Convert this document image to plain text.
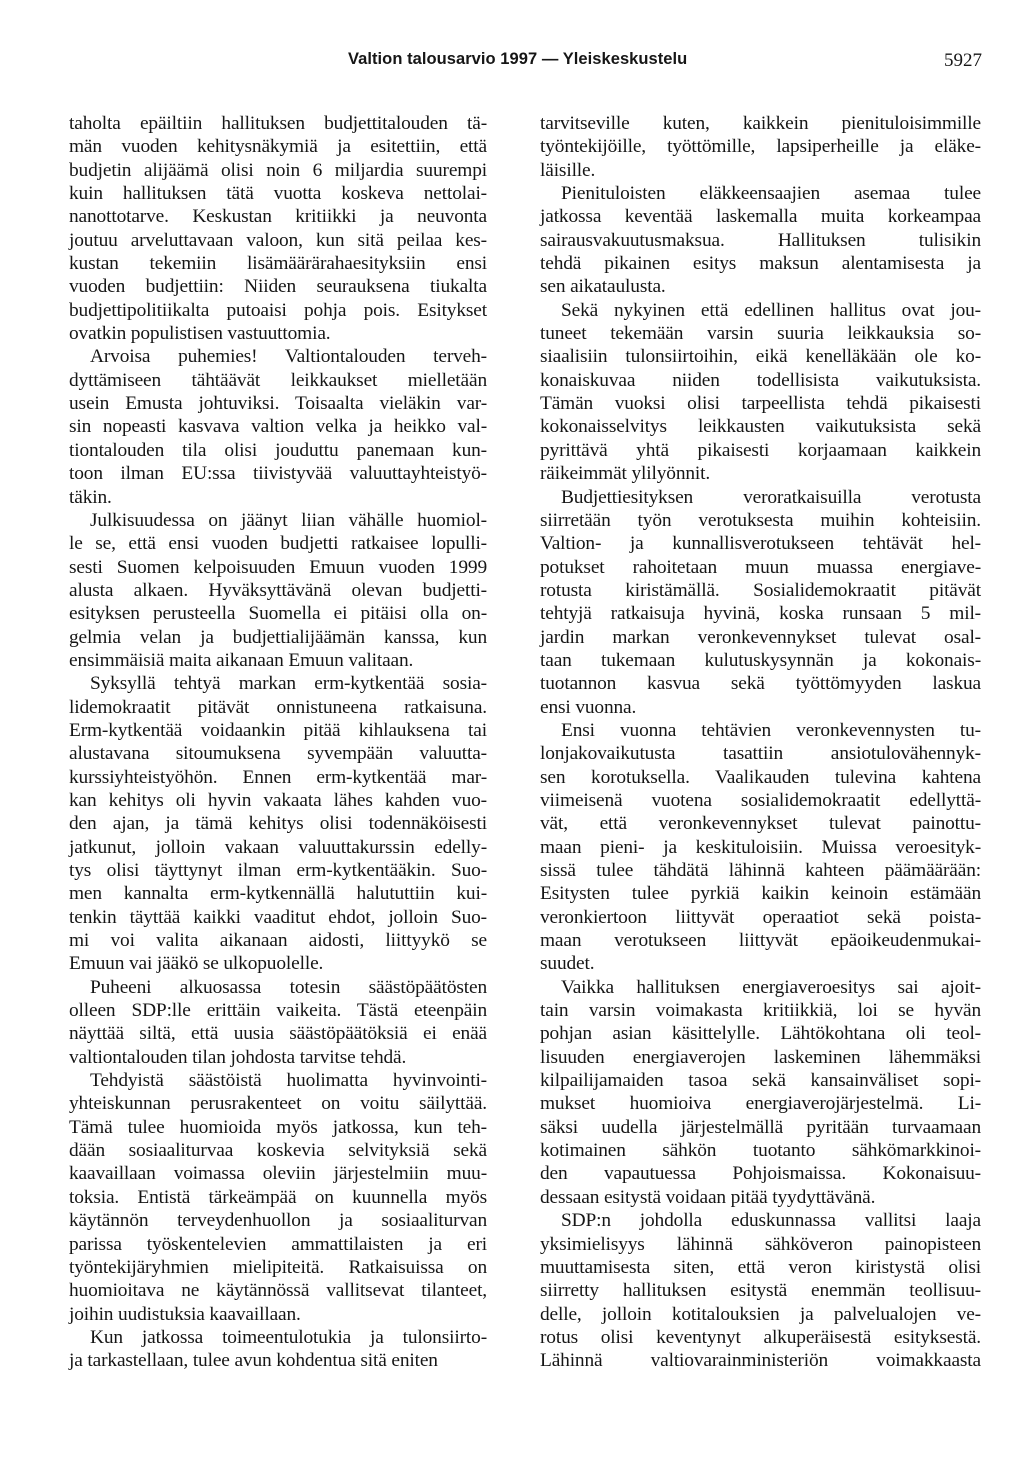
Valtion talousarvio 1997 — Yleiskeskustelu	5927
taholta epäiltiin hallituksen budjettitalouden tä-
män vuoden kehitysnäkymiä ja esitettiin, että
budjetin alijäämä olisi noin 6 miljardia suurempi
kuin hallituksen tätä vuotta koskeva nettolai-
nanottotarve. Keskustan kritiikki ja neuvonta
joutuu arveluttavaan valoon, kun sitä peilaa kes-
kustan tekemiin lisämäärärahaesityksiin ensi
vuoden budjettiin: Niiden seurauksena tiukalta
budjettipolitiikalta putoaisi pohja pois. Esitykset
ovatkin populistisen vastuuttomia.
Arvoisa puhemies! Valtiontalouden terveh-
dyttämiseen tähtäävät leikkaukset mielletään
usein Emusta johtuviksi. Toisaalta vieläkin var-
sin nopeasti kasvava valtion velka ja heikko val-
tiontalouden tila olisi jouduttu panemaan kun-
toon ilman EU:ssa tiivistyvää valuuttayhteistyö-
täkin.
Julkisuudessa on jäänyt liian vähälle huomiol-
le se, että ensi vuoden budjetti ratkaisee lopulli-
sesti Suomen kelpoisuuden Emuun vuoden 1999
alusta alkaen. Hyväksyttävänä olevan budjetti-
esityksen perusteella Suomella ei pitäisi olla on-
gelmia velan ja budjettialijäämän kanssa, kun
ensimmäisiä maita aikanaan Emuun valitaan.
Syksyllä tehtyä markan erm-kytkentää sosia-
lidemokraatit pitävät onnistuneena ratkaisuna.
Erm-kytkentää voidaankin pitää kihlauksena tai
alustavana sitoumuksena syvempään valuutta-
kurssiyhteistyöhön. Ennen erm-kytkentää mar-
kan kehitys oli hyvin vakaata lähes kahden vuo-
den ajan, ja tämä kehitys olisi todennäköisesti
jatkunut, jolloin vakaan valuuttakurssin edelly-
tys olisi täyttynyt ilman erm-kytkentääkin. Suo-
men kannalta erm-kytkennällä halututtiin kui-
tenkin täyttää kaikki vaaditut ehdot, jolloin Suo-
mi voi valita aikanaan aidosti, liittyykö se
Emuun vai jääkö se ulkopuolelle.
Puheeni alkuosassa totesin säästöpäätösten
olleen SDP:lle erittäin vaikeita. Tästä eteenpäin
näyttää siltä, että uusia säästöpäätöksiä ei enää
valtiontalouden tilan johdosta tarvitse tehdä.
Tehdyistä säästöistä huolimatta hyvinvointi-
yhteiskunnan perusrakenteet on voitu säilyttää.
Tämä tulee huomioida myös jatkossa, kun teh-
dään sosiaaliturvaa koskevia selvityksiä sekä
kaavaillaan voimassa oleviin järjestelmiin muu-
toksia. Entistä tärkeämpää on kuunnella myös
käytännön terveydenhuollon ja sosiaaliturvan
parissa työskentelevien ammattilaisten ja eri
työntekijäryhmien mielipiteitä. Ratkaisuissa on
huomioitava ne käytännössä vallitsevat tilanteet,
joihin uudistuksia kaavaillaan.
Kun jatkossa toimeentulotukia ja tulonsiirto-
ja tarkastellaan, tulee avun kohdentua sitä eniten
tarvitseville kuten, kaikkein pienituloisimmille
työntekijöille, työttömille, lapsiperheille ja eläke-
läisille.
Pienituloisten eläkkeensaajien asemaa tulee
jatkossa keventää laskemalla muita korkeampaa
sairausvakuutusmaksua. Hallituksen tulisikin
tehdä pikainen esitys maksun alentamisesta ja
sen aikataulusta.
Sekä nykyinen että edellinen hallitus ovat jou-
tuneet tekemään varsin suuria leikkauksia so-
siaalisiin tulonsiirtoihin, eikä kenelläkään ole ko-
konaiskuvaa niiden todellisista vaikutuksista.
Tämän vuoksi olisi tarpeellista tehdä pikaisesti
kokonaisselvitys leikkausten vaikutuksista sekä
pyrittävä yhtä pikaisesti korjaamaan kaikkein
räikeimmät ylilyönnit.
Budjettiesityksen veroratkaisuilla verotusta
siirretään työn verotuksesta muihin kohteisiin.
Valtion- ja kunnallisverotukseen tehtävät hel-
potukset rahoitetaan muun muassa energiave-
rotusta kiristämällä. Sosialidemokraatit pitävät
tehtyjä ratkaisuja hyvinä, koska runsaan 5 mil-
jardin markan veronkevennykset tulevat osal-
taan tukemaan kulutuskysynnän ja kokonais-
tuotannon kasvua sekä työttömyyden laskua
ensi vuonna.
Ensi vuonna tehtävien veronkevennysten tu-
lonjakovaikutusta tasattiin ansiotulovähennyk-
sen korotuksella. Vaalikauden tulevina kahtena
viimeisenä vuotena sosialidemokraatit edellyttä-
vät, että veronkevennykset tulevat painottu-
maan pieni- ja keskituloisiin. Muissa veroesityk-
sissä tulee tähdätä lähinnä kahteen päämäärään:
Esitysten tulee pyrkiä kaikin keinoin estämään
veronkiertoon liittyvät operaatiot sekä poista-
maan verotukseen liittyvät epäoikeudenmukai-
suudet.
Vaikka hallituksen energiaveroesitys sai ajoit-
tain varsin voimakasta kritiikkiä, loi se hyvän
pohjan asian käsittelylle. Lähtökohtana oli teol-
lisuuden energiaverojen laskeminen lähemmäksi
kilpailijamaiden tasoa sekä kansainväliset sopi-
mukset huomioiva energiaverojärjestelmä. Li-
säksi uudella järjestelmällä pyritään turvaamaan
kotimainen sähkön tuotanto sähkömarkkinoi-
den vapautuessa Pohjoismaissa. Kokonaisuu-
dessaan esitystä voidaan pitää tyydyttävänä.
SDP:n johdolla eduskunnassa vallitsi laaja
yksimielisyys lähinnä sähköveron painopisteen
muuttamisesta siten, että veron kiristystä olisi
siirretty hallituksen esitystä enemmän teollisuu-
delle, jolloin kotitalouksien ja palvelualojen ve-
rotus olisi keventynyt alkuperäisestä esityksestä.
Lähinnä valtiovarainministeriön voimakkaasta
